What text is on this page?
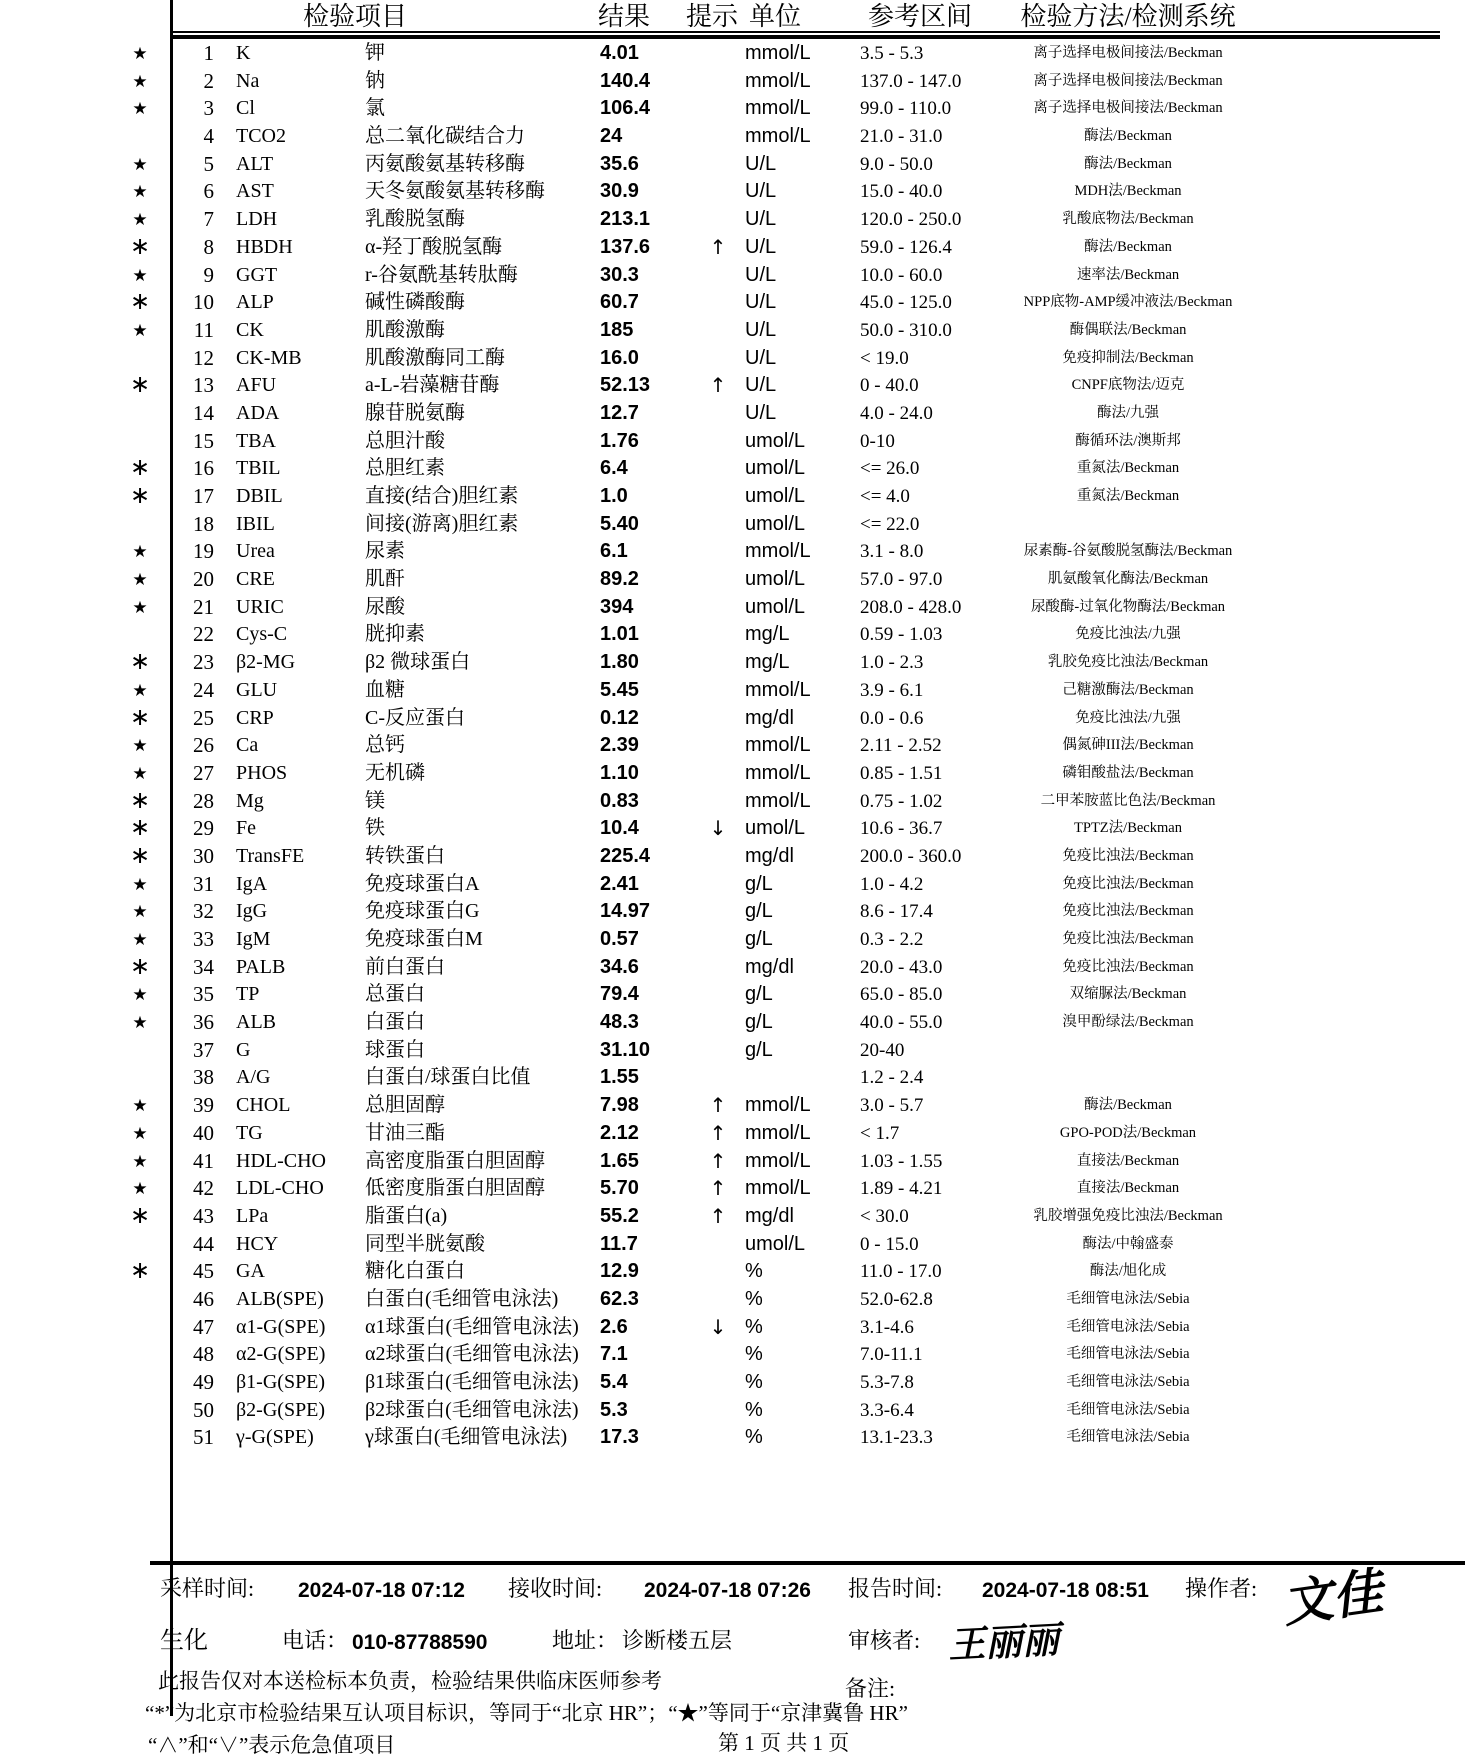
检验项目	结果	提示 单位	参考区间	检验方法/检测系统
★	1 K	钾	4.01	mmol/L	3.5 - 5.3	离子选择电极间接法/Beckman
★	2 Na	钠	140.4	mmol/L	137.0 - 147.0	离子选择电极间接法/Beckman
★	3 Cl	氯	106.4	mmol/L	99.0 - 110.0	离子选择电极间接法/Beckman
4 TCO2	总二氧化碳结合力	24	mmol/L	21.0 - 31.0	酶法/Beckman
★	5 ALT	丙氨酸氨基转移酶	35.6	U/L	9.0 - 50.0	酶法/Beckman
★	6 AST	天冬氨酸氨基转移酶	30.9	U/L	15.0 - 40.0	MDH法/Beckman
★	7 LDH	乳酸脱氢酶	213.1	U/L	120.0 - 250.0	乳酸底物法/Beckman
∗	8 HBDH	α-羟丁酸脱氢酶	137.6	↑ U/L	59.0 - 126.4	酶法/Beckman
★	9 GGT	r-谷氨酰基转肽酶	30.3	U/L	10.0 - 60.0	速率法/Beckman
∗	10 ALP	碱性磷酸酶	60.7	U/L	45.0 - 125.0	NPP底物-AMP缓冲液法/Beckman
★	11 CK	肌酸激酶	185	U/L	50.0 - 310.0	酶偶联法/Beckman
12 CK-MB	肌酸激酶同工酶	16.0	U/L	< 19.0	免疫抑制法/Beckman
∗	13 AFU	a-L-岩藻糖苷酶	52.13	↑ U/L	0 - 40.0	CNPF底物法/迈克
14 ADA	腺苷脱氨酶	12.7	U/L	4.0 - 24.0	酶法/九强
15 TBA	总胆汁酸	1.76	umol/L	0-10	酶循环法/澳斯邦
∗	16 TBIL	总胆红素	6.4	umol/L	<= 26.0	重氮法/Beckman
∗	17 DBIL	直接(结合)胆红素	1.0	umol/L	<= 4.0	重氮法/Beckman
18 IBIL	间接(游离)胆红素	5.40	umol/L	<= 22.0
★	19 Urea	尿素	6.1	mmol/L	3.1 - 8.0	尿素酶-谷氨酸脱氢酶法/Beckman
★	20 CRE	肌酐	89.2	umol/L	57.0 - 97.0	肌氨酸氧化酶法/Beckman
★	21 URIC	尿酸	394	umol/L	208.0 - 428.0	尿酸酶-过氧化物酶法/Beckman
22 Cys-C	胱抑素	1.01	mg/L	0.59 - 1.03	免疫比浊法/九强
∗	23 β2-MG	β2 微球蛋白	1.80	mg/L	1.0 - 2.3	乳胶免疫比浊法/Beckman
★	24 GLU	血糖	5.45	mmol/L	3.9 - 6.1	己糖激酶法/Beckman
∗	25 CRP	C-反应蛋白	0.12	mg/dl	0.0 - 0.6	免疫比浊法/九强
★	26 Ca	总钙	2.39	mmol/L	2.11 - 2.52	偶氮砷III法/Beckman
★	27 PHOS	无机磷	1.10	mmol/L	0.85 - 1.51	磷钼酸盐法/Beckman
∗	28 Mg	镁	0.83	mmol/L	0.75 - 1.02	二甲苯胺蓝比色法/Beckman
∗	29 Fe	铁	10.4	↓ umol/L	10.6 - 36.7	TPTZ法/Beckman
∗	30 TransFE	转铁蛋白	225.4	mg/dl	200.0 - 360.0	免疫比浊法/Beckman
★	31 IgA	免疫球蛋白A	2.41	g/L	1.0 - 4.2	免疫比浊法/Beckman
★	32 IgG	免疫球蛋白G	14.97	g/L	8.6 - 17.4	免疫比浊法/Beckman
★	33 IgM	免疫球蛋白M	0.57	g/L	0.3 - 2.2	免疫比浊法/Beckman
∗	34 PALB	前白蛋白	34.6	mg/dl	20.0 - 43.0	免疫比浊法/Beckman
★	35 TP	总蛋白	79.4	g/L	65.0 - 85.0	双缩脲法/Beckman
★	36 ALB	白蛋白	48.3	g/L	40.0 - 55.0	溴甲酚绿法/Beckman
37 G	球蛋白	31.10	g/L	20-40
38 A/G	白蛋白/球蛋白比值	1.55	1.2 - 2.4
★	39 CHOL	总胆固醇	7.98	↑ mmol/L	3.0 - 5.7	酶法/Beckman
★	40 TG	甘油三酯	2.12	↑ mmol/L	< 1.7	GPO-POD法/Beckman
★	41 HDL-CHO	高密度脂蛋白胆固醇	1.65	↑ mmol/L	1.03 - 1.55	直接法/Beckman
★	42 LDL-CHO	低密度脂蛋白胆固醇	5.70	↑ mmol/L	1.89 - 4.21	直接法/Beckman
∗	43 LPa	脂蛋白(a)	55.2	↑ mg/dl	< 30.0	乳胶增强免疫比浊法/Beckman
44 HCY	同型半胱氨酸	11.7	umol/L	0 - 15.0	酶法/中翰盛泰
∗	45 GA	糖化白蛋白	12.9	%	11.0 - 17.0	酶法/旭化成
46 ALB(SPE)	白蛋白(毛细管电泳法)	62.3	%	52.0-62.8	毛细管电泳法/Sebia
47 α1-G(SPE)	α1球蛋白(毛细管电泳法)	2.6	↓ %	3.1-4.6	毛细管电泳法/Sebia
48 α2-G(SPE)	α2球蛋白(毛细管电泳法)	7.1	%	7.0-11.1	毛细管电泳法/Sebia
49 β1-G(SPE)	β1球蛋白(毛细管电泳法)	5.4	%	5.3-7.8	毛细管电泳法/Sebia
50 β2-G(SPE)	β2球蛋白(毛细管电泳法)	5.3	%	3.3-6.4	毛细管电泳法/Sebia
51 γ-G(SPE)	γ球蛋白(毛细管电泳法)	17.3	%	13.1-23.3	毛细管电泳法/Sebia
采样时间: 2024-07-18 07:12 接收时间: 2024-07-18 07:26 报告时间: 2024-07-18 08:51 操作者: 文佳
生化	电话： 010-87788590	地址： 诊断楼五层	审核者: 王丽丽
此报告仅对本送检标本负责，检验结果供临床医师参考	备注:
“*”为北京市检验结果互认项目标识，等同于“北京 HR”；“★”等同于“京津冀鲁 HR”
“∧”和“∨”表示危急值项目	第 1 页 共 1 页
